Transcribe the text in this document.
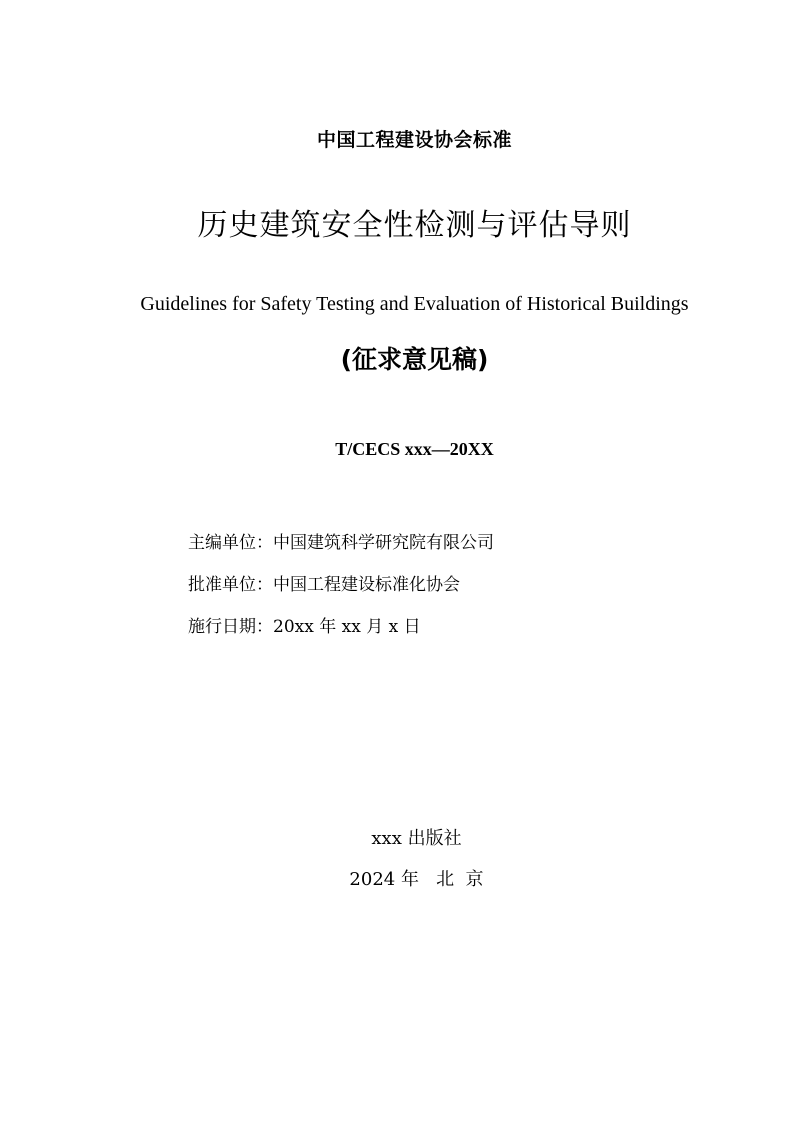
中国工程建设协会标准
历史建筑安全性检测与评估导则
Guidelines for Safety Testing and Evaluation of Historical Buildings
(征求意见稿)
T/CECS xxx—20XX
主编单位：中国建筑科学研究院有限公司
批准单位：中国工程建设标准化协会
施行日期：20xx 年 xx 月 x 日
xxx 出版社
2024 年   北  京
